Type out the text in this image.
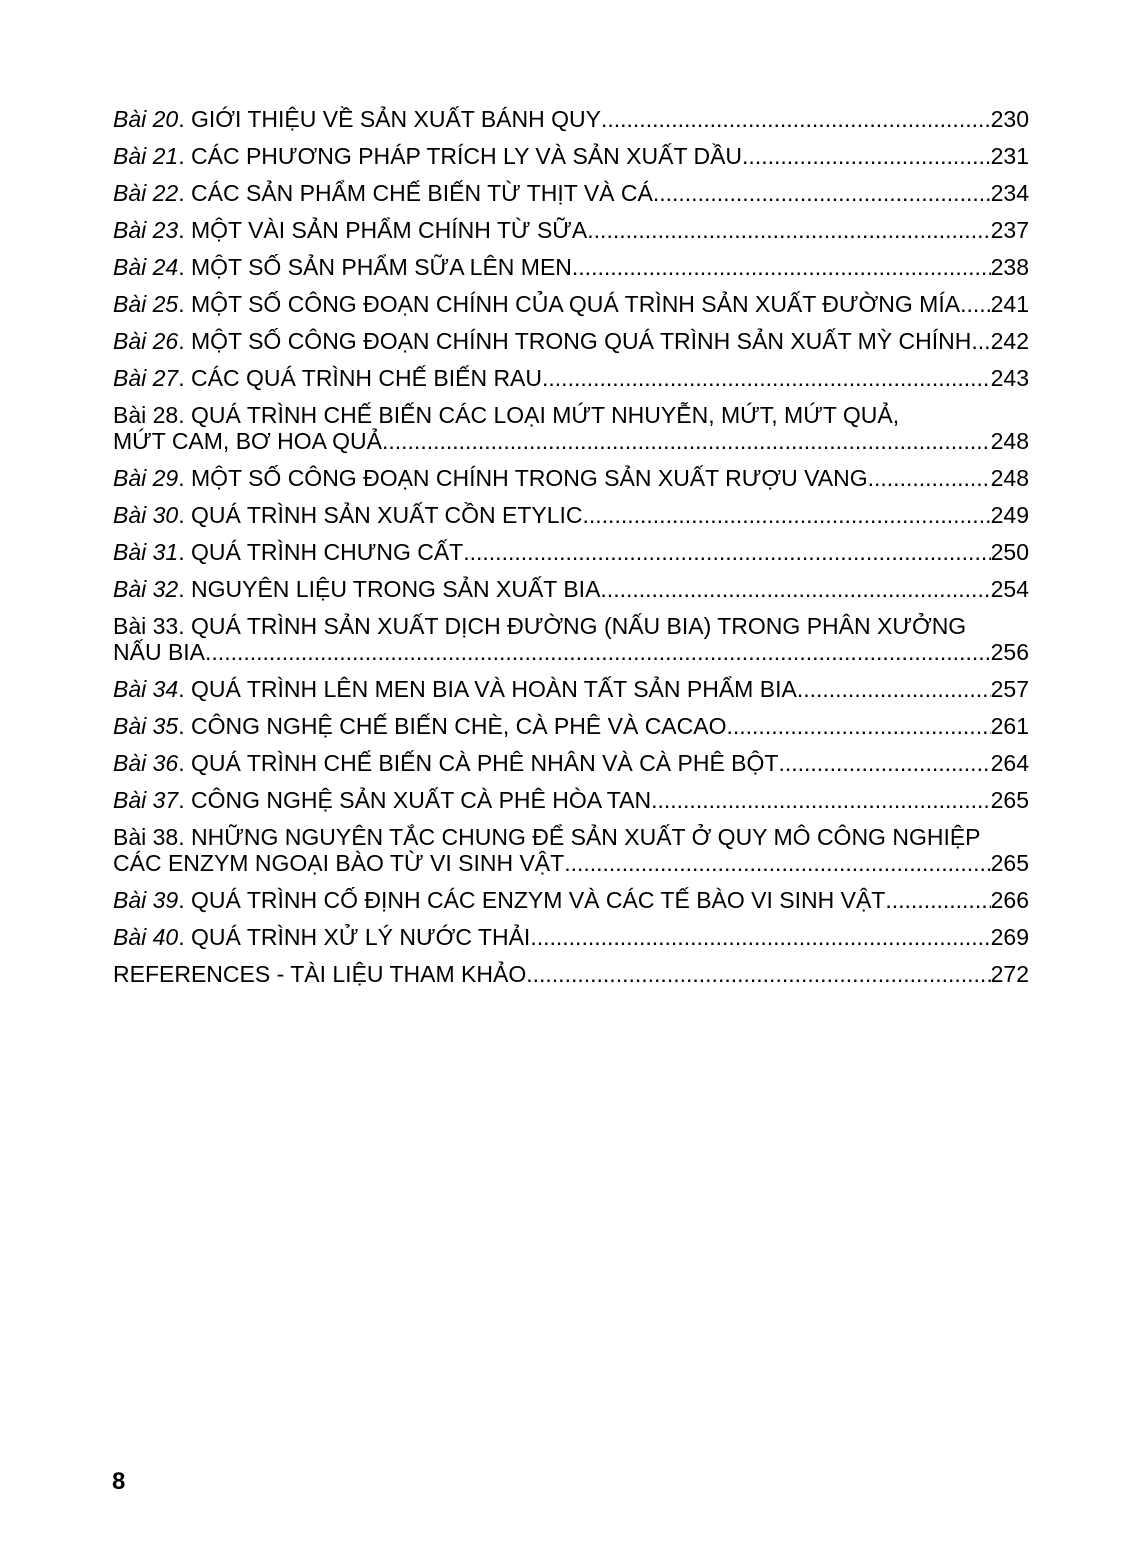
Bài 20. GIỚI THIỆU VỀ SẢN XUẤT BÁNH QUY .....	230
Bài 21. CÁC PHƯƠNG PHÁP TRÍCH LY VÀ SẢN XUẤT DẦU .....	231
Bài 22. CÁC SẢN PHẨM CHẾ BIẾN TỪ THỊT VÀ CÁ .....	234
Bài 23. MỘT VÀI SẢN PHẨM CHÍNH TỪ SỮA .....	237
Bài 24. MỘT SỐ SẢN PHẨM SỮA LÊN MEN .....	238
Bài 25. MỘT SỐ CÔNG ĐOẠN CHÍNH CỦA QUÁ TRÌNH SẢN XUẤT ĐƯỜNG MÍA ..... 241
Bài 26. MỘT SỐ CÔNG ĐOẠN CHÍNH TRONG QUÁ TRÌNH SẢN XUẤT MỲ CHÍNH ..... 242
Bài 27. CÁC QUÁ TRÌNH CHẾ BIẾN RAU .....	243
Bài 28. QUÁ TRÌNH CHẾ BIẾN CÁC LOẠI MỨT NHUYỄN, MỨT, MỨT QUẢ,
MỨT CAM, BƠ HOA QUẢ .....	248
Bài 29. MỘT SỐ CÔNG ĐOẠN CHÍNH TRONG SẢN XUẤT RƯỢU VANG .....	248
Bài 30. QUÁ TRÌNH SẢN XUẤT CỒN ETYLIC .....	249
Bài 31. QUÁ TRÌNH CHƯNG CẤT .....	250
Bài 32. NGUYÊN LIỆU TRONG SẢN XUẤT BIA .....	254
Bài 33. QUÁ TRÌNH SẢN XUẤT DỊCH ĐƯỜNG (NẤU BIA) TRONG PHÂN XƯỞNG
NẤU BIA .....	256
Bài 34. QUÁ TRÌNH LÊN MEN BIA VÀ HOÀN TẤT SẢN PHẨM BIA .....	257
Bài 35. CÔNG NGHỆ CHẾ BIẾN CHÈ, CÀ PHÊ VÀ CACAO .....	261
Bài 36. QUÁ TRÌNH CHẾ BIẾN CÀ PHÊ NHÂN VÀ CÀ PHÊ BỘT .....	264
Bài 37. CÔNG NGHỆ SẢN XUẤT CÀ PHÊ HÒA TAN .....	265
Bài 38. NHỮNG NGUYÊN TẮC CHUNG ĐỂ SẢN XUẤT Ở QUY MÔ CÔNG NGHIỆP
CÁC ENZYM NGOẠI BÀO TỪ VI SINH VẬT .....	265
Bài 39. QUÁ TRÌNH CỐ ĐỊNH CÁC ENZYM VÀ CÁC TẾ BÀO VI SINH VẬT .....	266
Bài 40. QUÁ TRÌNH XỬ LÝ NƯỚC THẢI .....	269
REFERENCES - TÀI LIỆU THAM KHẢO .....	272
8
